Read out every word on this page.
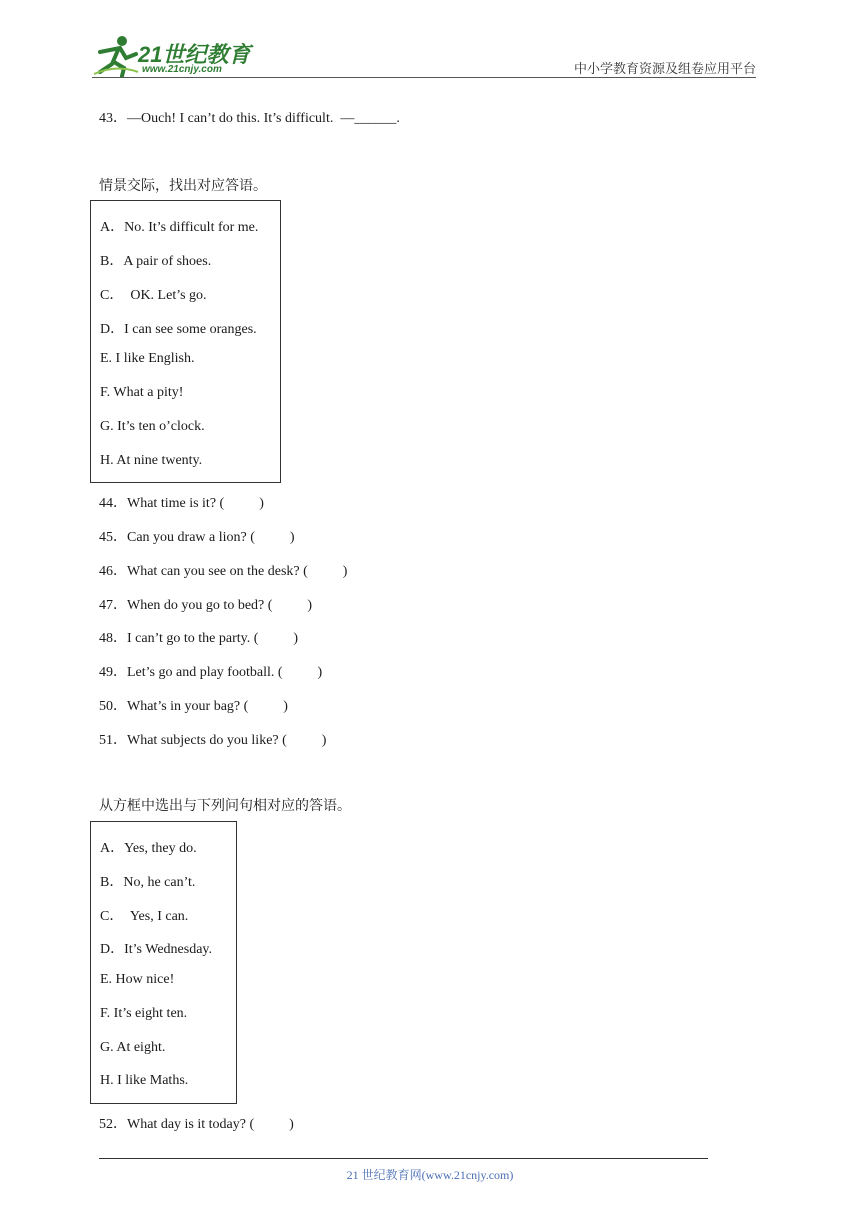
21世纪教育
www.21cnjy.com	中小学教育资源及组卷应用平台
43．—Ouch! I can’t do this. It’s difficult.  —______.
情景交际，找出对应答语。
A．No. It’s difficult for me.
B．A pair of shoes.
C．  OK. Let’s go.
D．I can see some oranges.
E. I like English.
F. What a pity!
G. It’s ten o’clock.
H. At nine twenty.
44．What time is it? (          )
45．Can you draw a lion? (          )
46．What can you see on the desk? (          )
47．When do you go to bed? (          )
48．I can’t go to the party. (          )
49．Let’s go and play football. (          )
50．What’s in your bag? (          )
51．What subjects do you like? (          )
从方框中选出与下列问句相对应的答语。
A．Yes, they do.
B．No, he can’t.
C．  Yes, I can.
D．It’s Wednesday.
E. How nice!
F. It’s eight ten.
G. At eight.
H. I like Maths.
52．What day is it today? (          )
21 世纪教育网(www.21cnjy.com)
